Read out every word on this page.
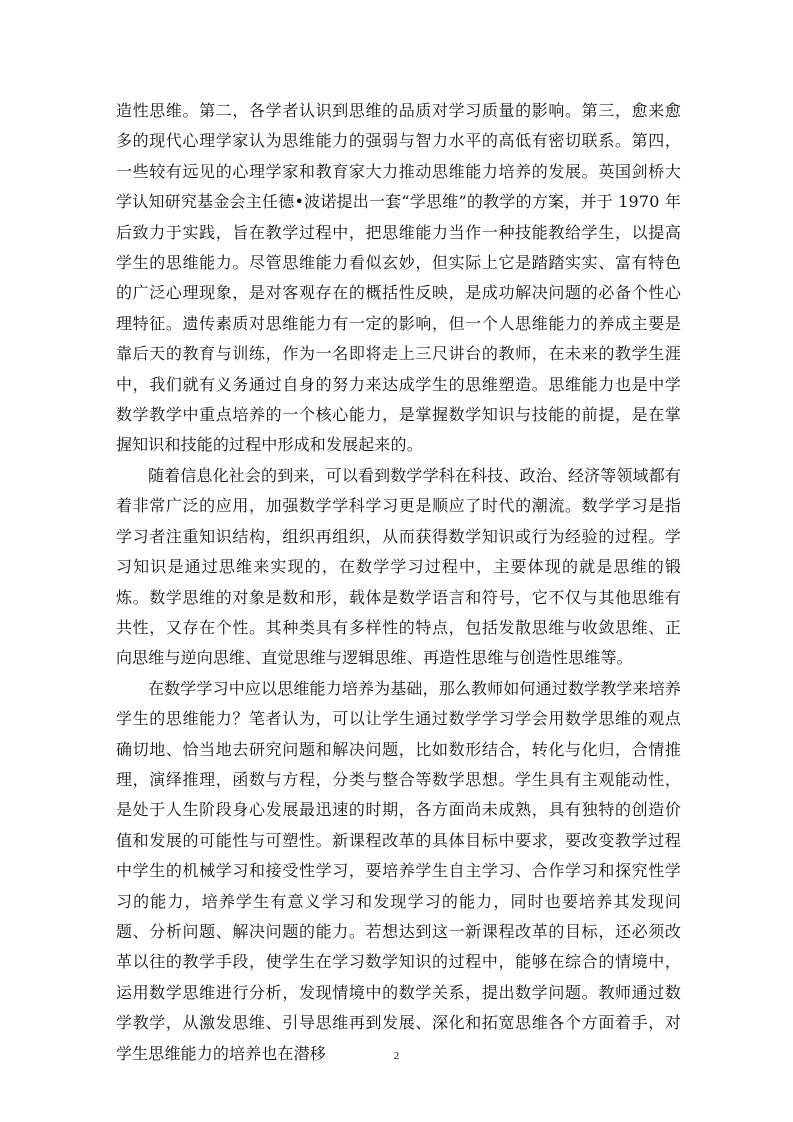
造性思维。第二，各学者认识到思维的品质对学习质量的影响。第三，愈来愈多的现代心理学家认为思维能力的强弱与智力水平的高低有密切联系。第四，一些较有远见的心理学家和教育家大力推动思维能力培养的发展。英国剑桥大学认知研究基金会主任德•波诺提出一套“学思维”的教学的方案，并于 1970 年后致力于实践，旨在教学过程中，把思维能力当作一种技能教给学生，以提高学生的思维能力。尽管思维能力看似玄妙，但实际上它是踏踏实实、富有特色的广泛心理现象，是对客观存在的概括性反映，是成功解决问题的必备个性心理特征。遗传素质对思维能力有一定的影响，但一个人思维能力的养成主要是靠后天的教育与训练，作为一名即将走上三尺讲台的教师，在未来的教学生涯中，我们就有义务通过自身的努力来达成学生的思维塑造。思维能力也是中学数学教学中重点培养的一个核心能力，是掌握数学知识与技能的前提，是在掌握知识和技能的过程中形成和发展起来的。

随着信息化社会的到来，可以看到数学学科在科技、政治、经济等领域都有着非常广泛的应用，加强数学学科学习更是顺应了时代的潮流。数学学习是指学习者注重知识结构，组织再组织，从而获得数学知识或行为经验的过程。学习知识是通过思维来实现的，在数学学习过程中，主要体现的就是思维的锻炼。数学思维的对象是数和形，载体是数学语言和符号，它不仅与其他思维有共性，又存在个性。其种类具有多样性的特点，包括发散思维与收敛思维、正向思维与逆向思维、直觉思维与逻辑思维、再造性思维与创造性思维等。

在数学学习中应以思维能力培养为基础，那么教师如何通过数学教学来培养学生的思维能力？笔者认为，可以让学生通过数学学习学会用数学思维的观点确切地、恰当地去研究问题和解决问题，比如数形结合，转化与化归，合情推理，演绎推理，函数与方程，分类与整合等数学思想。学生具有主观能动性，是处于人生阶段身心发展最迅速的时期，各方面尚未成熟，具有独特的创造价值和发展的可能性与可塑性。新课程改革的具体目标中要求，要改变教学过程中学生的机械学习和接受性学习，要培养学生自主学习、合作学习和探究性学习的能力，培养学生有意义学习和发现学习的能力，同时也要培养其发现问题、分析问题、解决问题的能力。若想达到这一新课程改革的目标，还必须改革以往的教学手段，使学生在学习数学知识的过程中，能够在综合的情境中，运用数学思维进行分析，发现情境中的数学关系，提出数学问题。教师通过数学教学，从激发思维、引导思维再到发展、深化和拓宽思维各个方面着手，对学生思维能力的培养也在潜移	2
